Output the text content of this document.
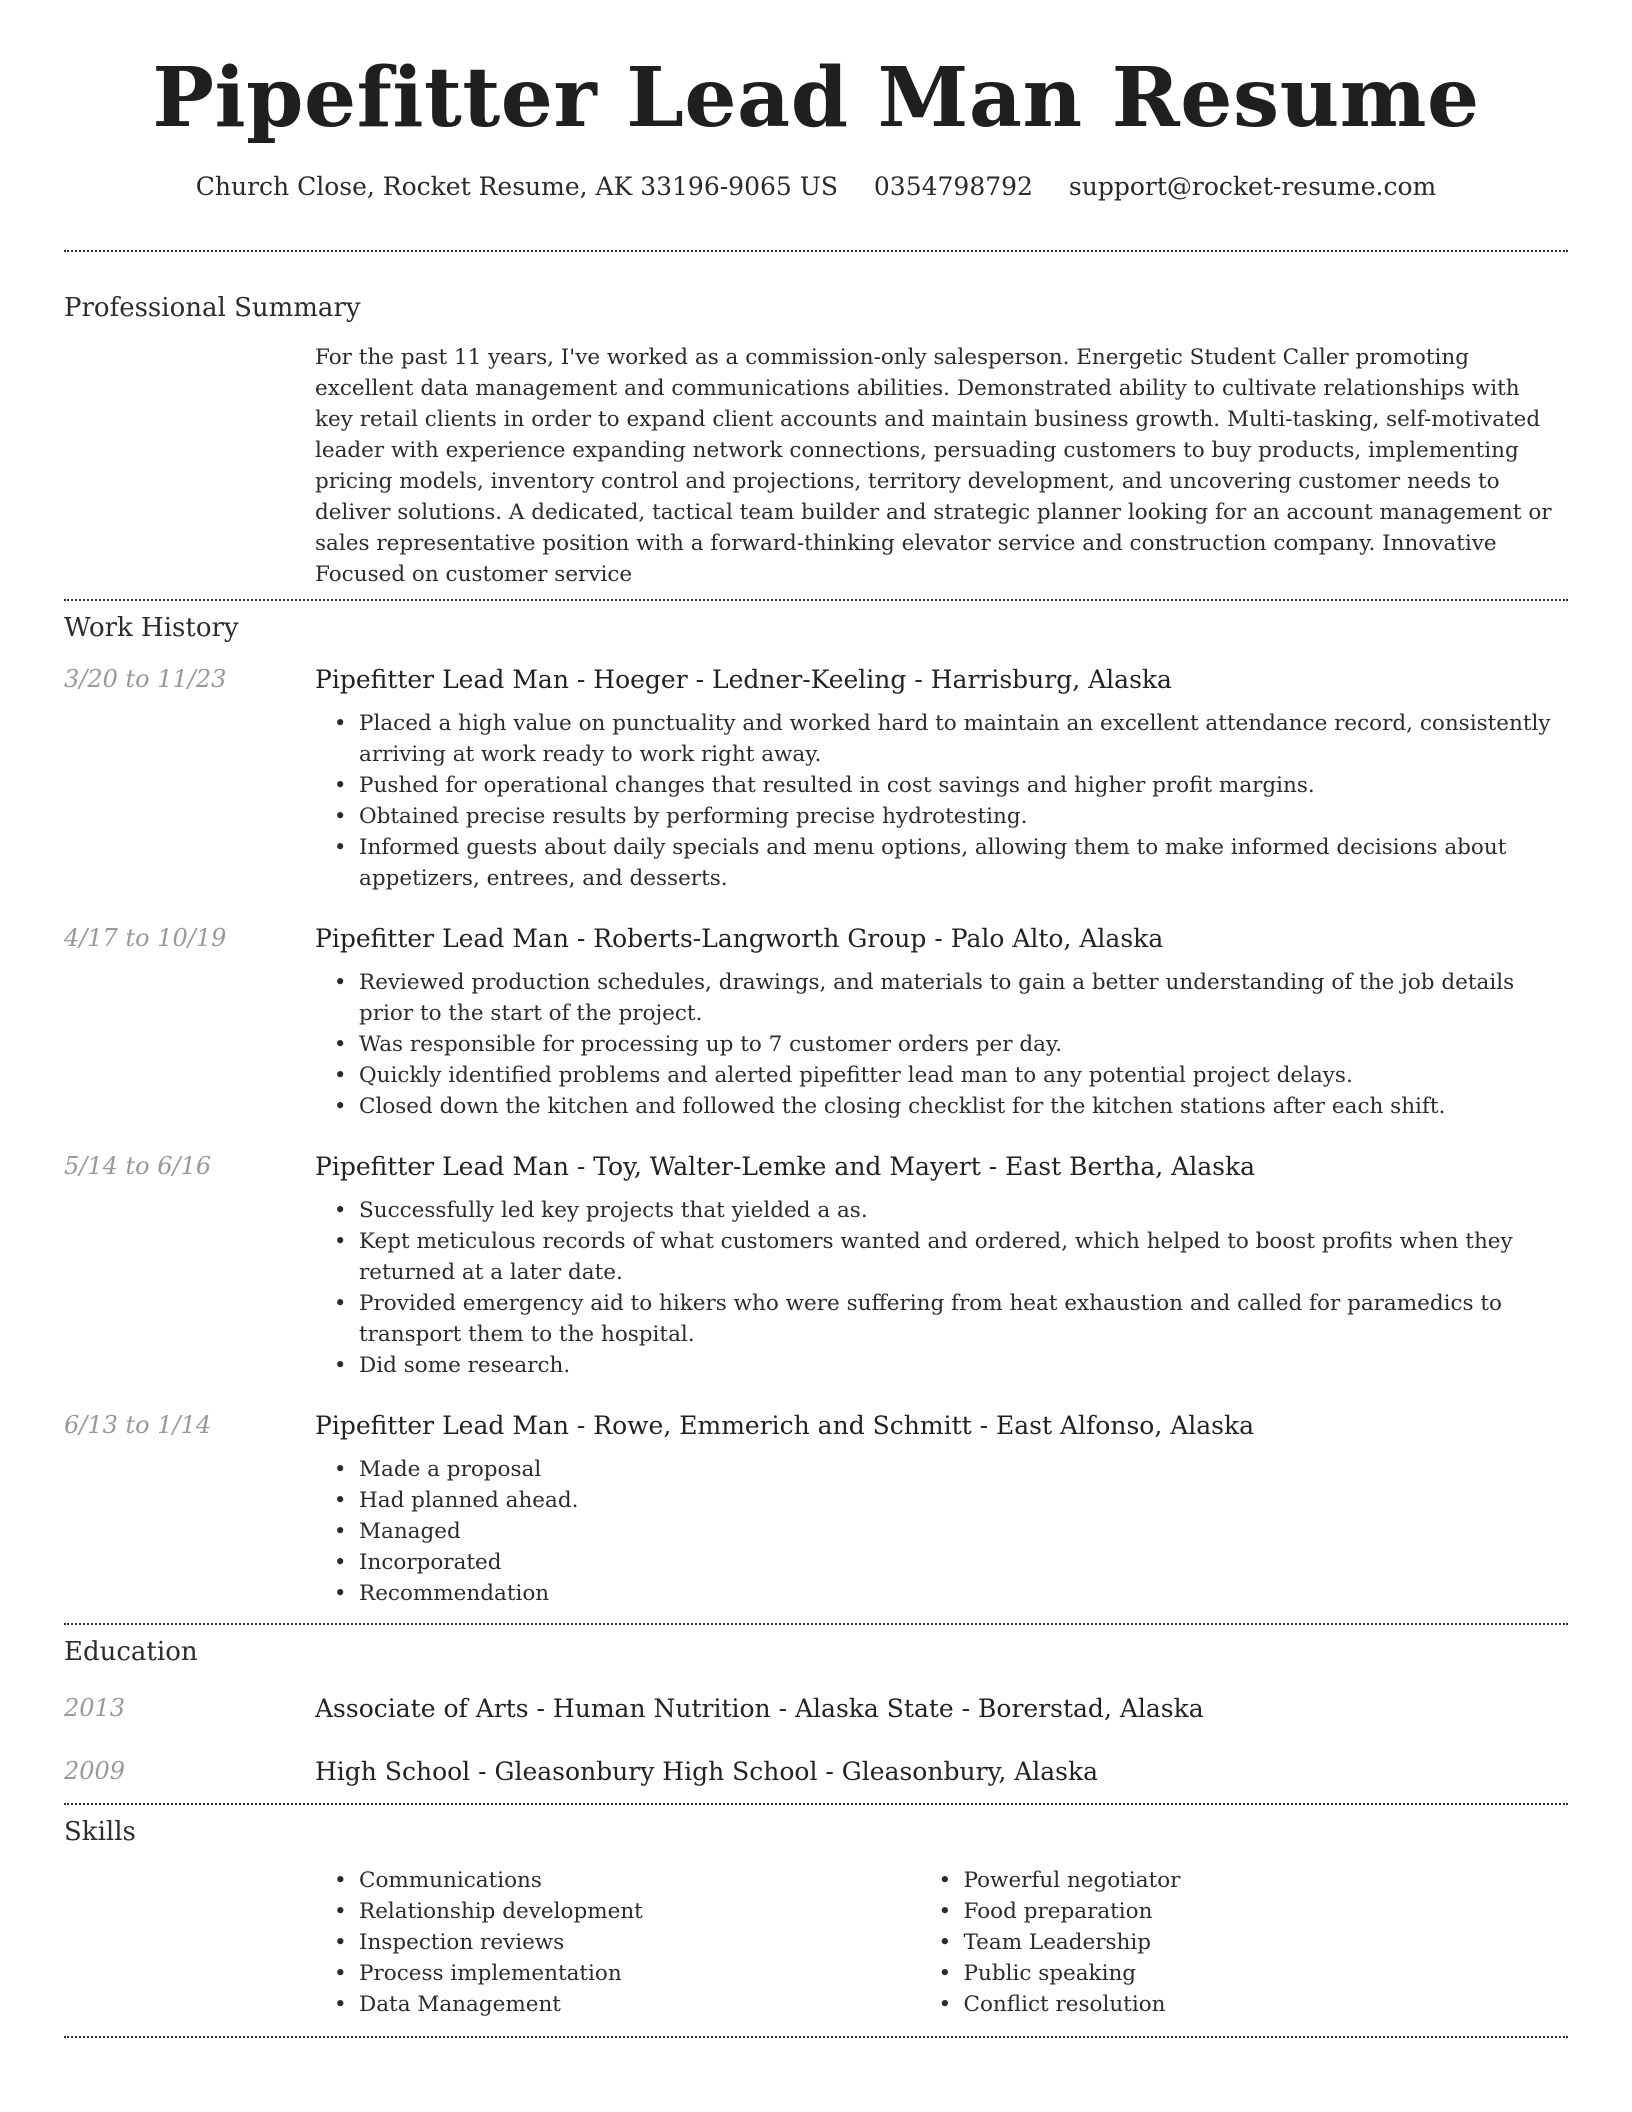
Pipefitter Lead Man Resume
Church Close, Rocket Resume, AK 33196-9065 US 0354798792 support@rocket-resume.com
Professional Summary
For the past 11 years, I've worked as a commission-only salesperson. Energetic Student Caller promoting excellent data management and communications abilities. Demonstrated ability to cultivate relationships with key retail clients in order to expand client accounts and maintain business growth. Multi-tasking, self-motivated leader with experience expanding network connections, persuading customers to buy products, implementing pricing models, inventory control and projections, territory development, and uncovering customer needs to deliver solutions. A dedicated, tactical team builder and strategic planner looking for an account management or sales representative position with a forward-thinking elevator service and construction company. Innovative Focused on customer service
Work History
3/20 to 11/23	Pipefitter Lead Man - Hoeger - Ledner-Keeling - Harrisburg, Alaska
• Placed a high value on punctuality and worked hard to maintain an excellent attendance record, consistently arriving at work ready to work right away.
• Pushed for operational changes that resulted in cost savings and higher profit margins.
• Obtained precise results by performing precise hydrotesting.
• Informed guests about daily specials and menu options, allowing them to make informed decisions about appetizers, entrees, and desserts.
4/17 to 10/19	Pipefitter Lead Man - Roberts-Langworth Group - Palo Alto, Alaska
• Reviewed production schedules, drawings, and materials to gain a better understanding of the job details prior to the start of the project.
• Was responsible for processing up to 7 customer orders per day.
• Quickly identified problems and alerted pipefitter lead man to any potential project delays.
• Closed down the kitchen and followed the closing checklist for the kitchen stations after each shift.
5/14 to 6/16	Pipefitter Lead Man - Toy, Walter-Lemke and Mayert - East Bertha, Alaska
• Successfully led key projects that yielded a as.
• Kept meticulous records of what customers wanted and ordered, which helped to boost profits when they returned at a later date.
• Provided emergency aid to hikers who were suffering from heat exhaustion and called for paramedics to transport them to the hospital.
• Did some research.
6/13 to 1/14	Pipefitter Lead Man - Rowe, Emmerich and Schmitt - East Alfonso, Alaska
• Made a proposal
• Had planned ahead.
• Managed
• Incorporated
• Recommendation
Education
2013	Associate of Arts - Human Nutrition - Alaska State - Borerstad, Alaska
2009	High School - Gleasonbury High School - Gleasonbury, Alaska
Skills
• Communications
• Relationship development
• Inspection reviews
• Process implementation
• Data Management
• Powerful negotiator
• Food preparation
• Team Leadership
• Public speaking
• Conflict resolution
